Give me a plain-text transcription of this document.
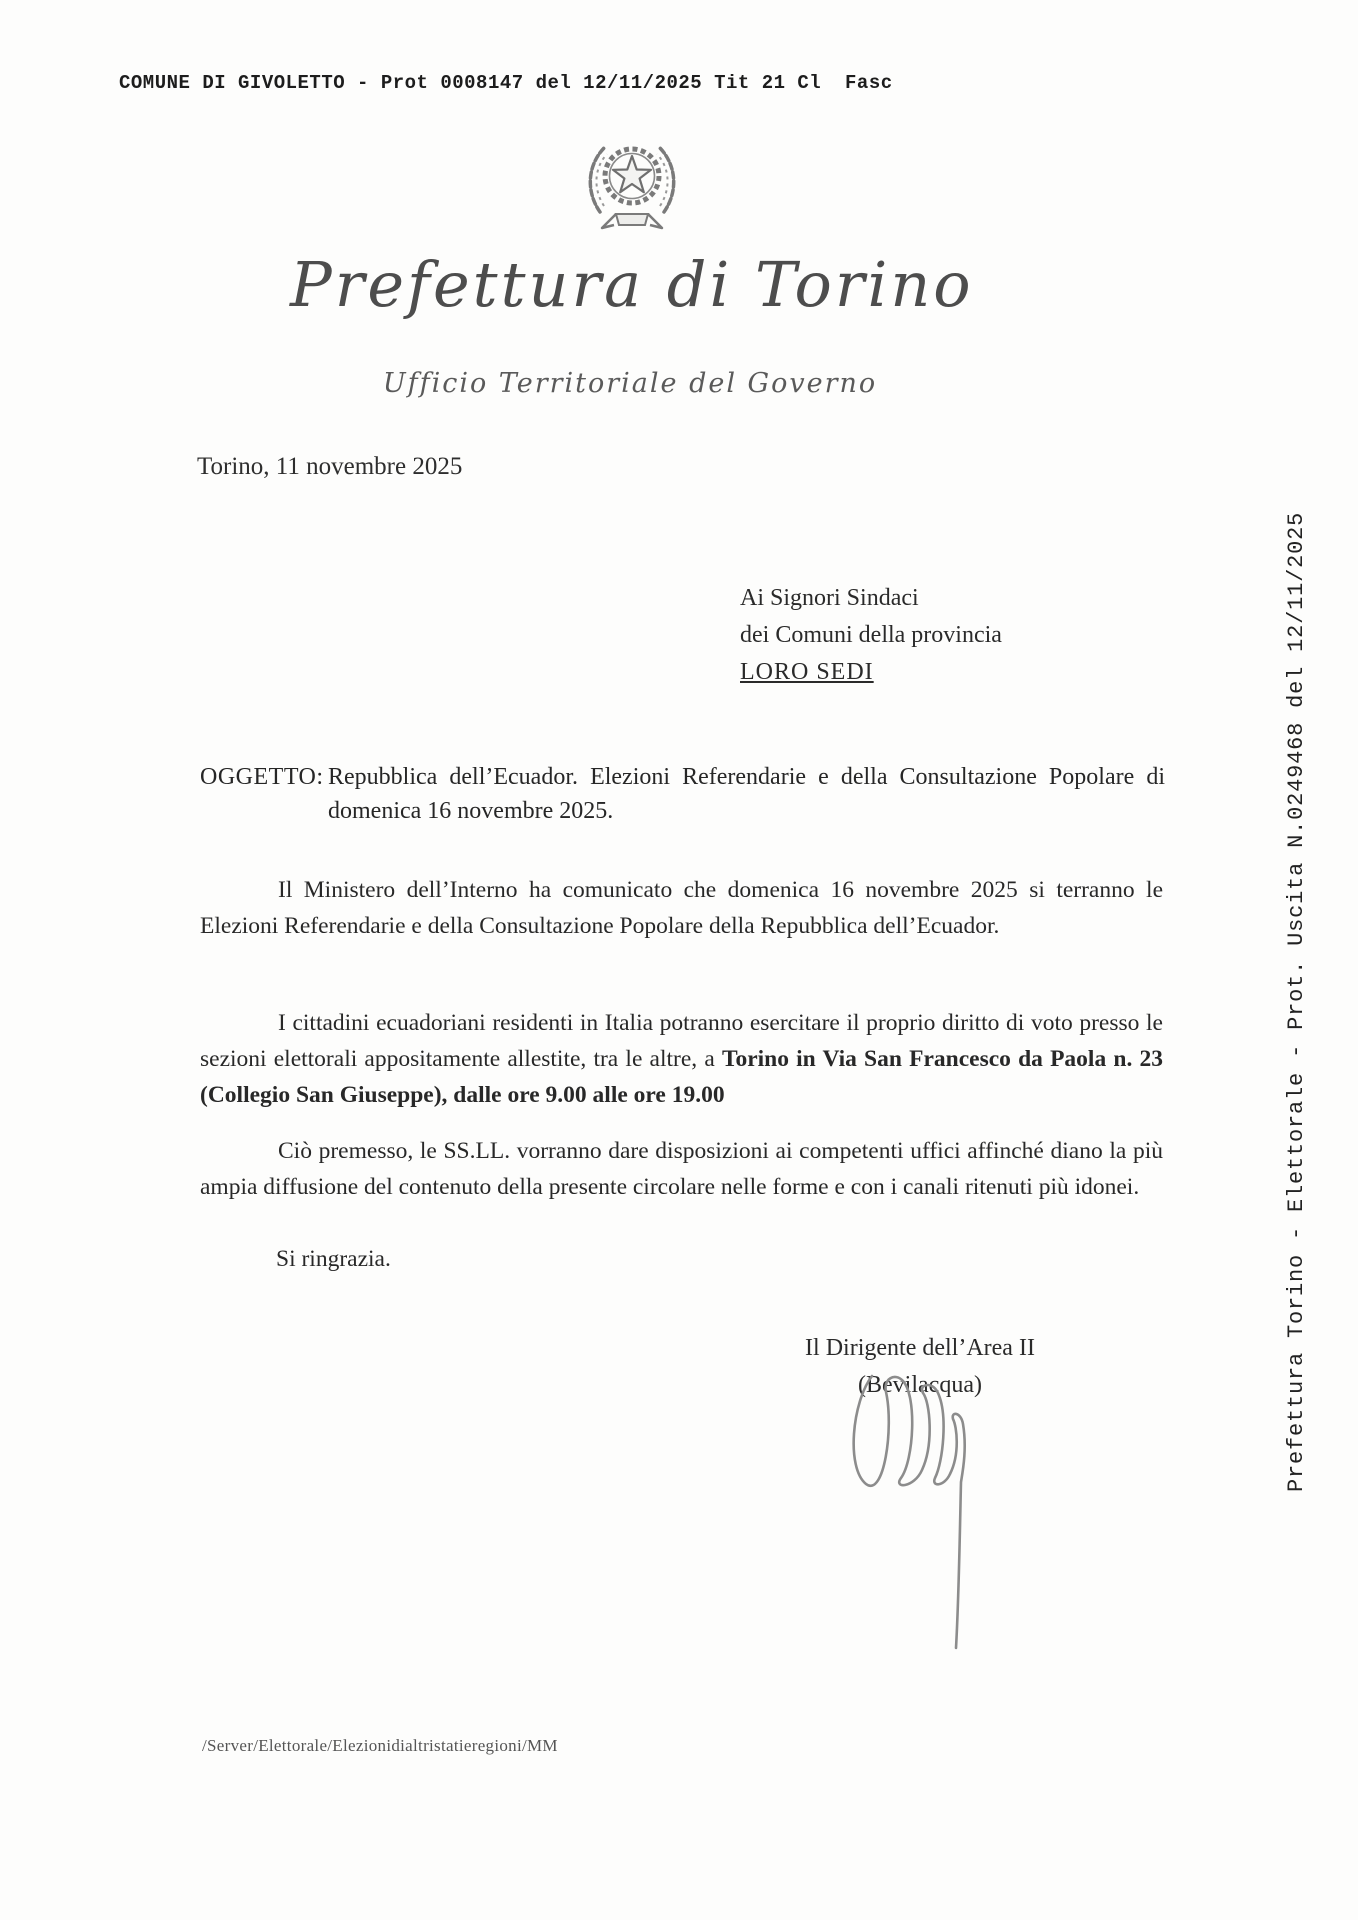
COMUNE DI GIVOLETTO - Prot 0008147 del 12/11/2025 Tit 21 Cl  Fasc
Prefettura di Torino
Ufficio Territoriale del Governo
Torino, 11 novembre 2025
Ai Signori Sindaci
dei Comuni della provincia
LORO SEDI
OGGETTO: Repubblica dell’Ecuador. Elezioni Referendarie e della Consultazione Popolare di domenica 16 novembre 2025.

Il Ministero dell’Interno ha comunicato che domenica 16 novembre 2025 si terranno le Elezioni Referendarie e della Consultazione Popolare della Repubblica dell’Ecuador.

I cittadini ecuadoriani residenti in Italia potranno esercitare il proprio diritto di voto presso le sezioni elettorali appositamente allestite, tra le altre, a Torino in Via San Francesco da Paola n. 23 (Collegio San Giuseppe), dalle ore 9.00 alle ore 19.00

Ciò premesso, le SS.LL. vorranno dare disposizioni ai competenti uffici affinché diano la più ampia diffusione del contenuto della presente circolare nelle forme e con i canali ritenuti più idonei.

Si ringrazia.
Il Dirigente dell’Area II
(Bevilacqua)
/Server/Elettorale/Elezionidialtristatieregioni/MM
Prefettura Torino - Elettorale - Prot. Uscita N.0249468 del 12/11/2025
